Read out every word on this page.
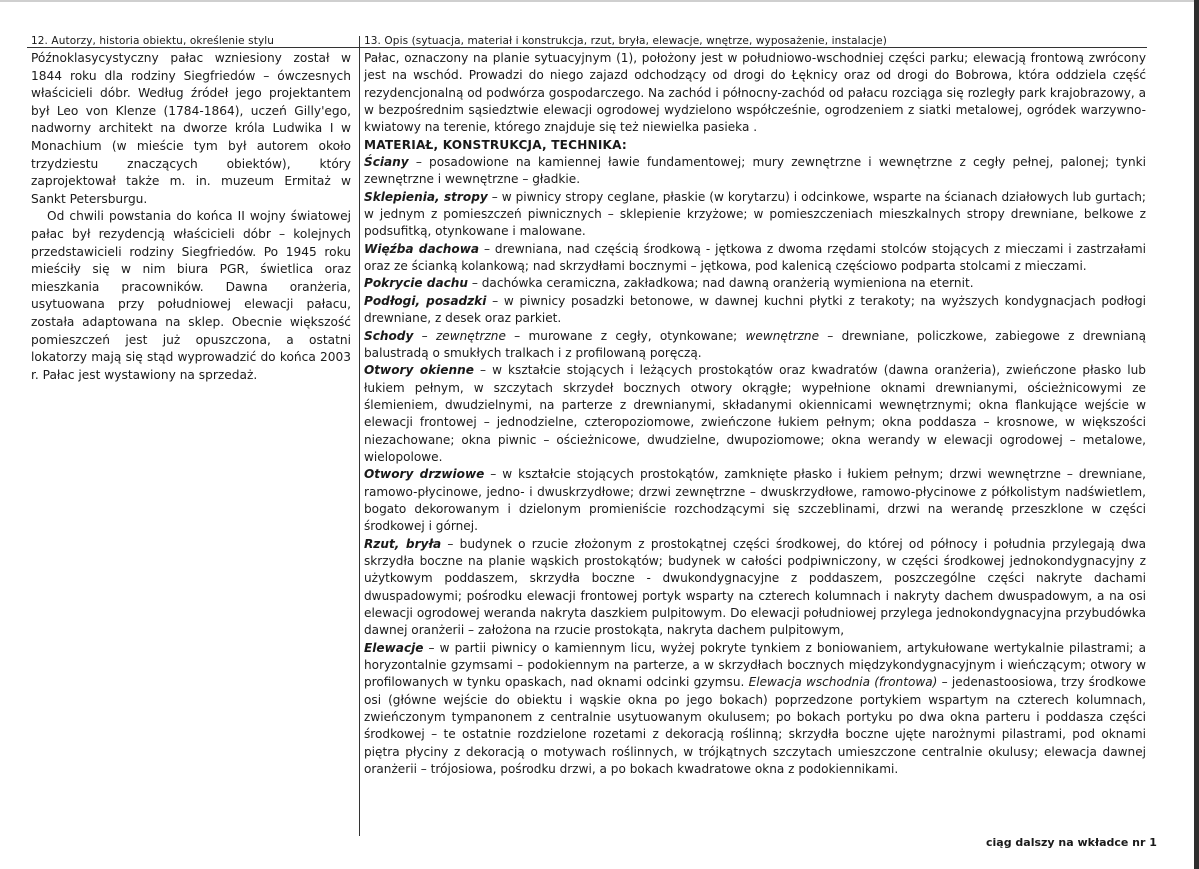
12. Autorzy, historia obiektu, określenie stylu	13. Opis (sytuacja, materiał i konstrukcja, rzut, bryła, elewacje, wnętrze, wyposażenie, instalacje)

Późnoklasycystyczny pałac wzniesiony został w 1844 roku dla rodziny Siegfriedów – ówczesnych właścicieli dóbr. Według źródeł jego projektantem był Leo von Klenze (1784-1864), uczeń Gilly'ego, nadworny architekt na dworze króla Ludwika I w Monachium (w mieście tym był autorem około trzydziestu znaczących obiektów), który zaprojektował także m. in. muzeum Ermitaż w Sankt Petersburgu.

Od chwili powstania do końca II wojny światowej pałac był rezydencją właścicieli dóbr – kolejnych przedstawicieli rodziny Siegfriedów. Po 1945 roku mieściły się w nim biura PGR, świetlica oraz mieszkania pracowników. Dawna oranżeria, usytuowana przy południowej elewacji pałacu, została adaptowana na sklep. Obecnie większość pomieszczeń jest już opuszczona, a ostatni lokatorzy mają się stąd wyprowadzić do końca 2003 r. Pałac jest wystawiony na sprzedaż.

Pałac, oznaczony na planie sytuacyjnym (1), położony jest w południowo-wschodniej części parku; elewacją frontową zwrócony jest na wschód. Prowadzi do niego zajazd odchodzący od drogi do Łęknicy oraz od drogi do Bobrowa, która oddziela część rezydencjonalną od podwórza gospodarczego. Na zachód i północny-zachód od pałacu rozciąga się rozległy park krajobrazowy, a w bezpośrednim sąsiedztwie elewacji ogrodowej wydzielono współcześnie, ogrodzeniem z siatki metalowej, ogródek warzywno-kwiatowy na terenie, którego znajduje się też niewielka pasieka .

MATERIAŁ, KONSTRUKCJA, TECHNIKA:

Ściany – posadowione na kamiennej ławie fundamentowej; mury zewnętrzne i wewnętrzne z cegły pełnej, palonej; tynki zewnętrzne i wewnętrzne – gładkie.

Sklepienia, stropy – w piwnicy stropy ceglane, płaskie (w korytarzu) i odcinkowe, wsparte na ścianach działowych lub gurtach; w jednym z pomieszczeń piwnicznych – sklepienie krzyżowe; w pomieszczeniach mieszkalnych stropy drewniane, belkowe z podsufitką, otynkowane i malowane.

Więźba dachowa – drewniana, nad częścią środkową - jętkowa z dwoma rzędami stolców stojących z mieczami i zastrzałami oraz ze ścianką kolankową; nad skrzydłami bocznymi – jętkowa, pod kalenicą częściowo podparta stolcami z mieczami.

Pokrycie dachu – dachówka ceramiczna, zakładkowa; nad dawną oranżerią wymieniona na eternit.

Podłogi, posadzki – w piwnicy posadzki betonowe, w dawnej kuchni płytki z terakoty; na wyższych kondygnacjach podłogi drewniane, z desek oraz parkiet.

Schody – zewnętrzne – murowane z cegły, otynkowane; wewnętrzne – drewniane, policzkowe, zabiegowe z drewnianą balustradą o smukłych tralkach i z profilowaną poręczą.

Otwory okienne – w kształcie stojących i leżących prostokątów oraz kwadratów (dawna oranżeria), zwieńczone płasko lub łukiem pełnym, w szczytach skrzydeł bocznych otwory okrągłe; wypełnione oknami drewnianymi, ościeżnicowymi ze ślemieniem, dwudzielnymi, na parterze z drewnianymi, składanymi okiennicami wewnętrznymi; okna flankujące wejście w elewacji frontowej – jednodzielne, czteropoziomowe, zwieńczone łukiem pełnym; okna poddasza – krosnowe, w większości niezachowane; okna piwnic – ościeżnicowe, dwudzielne, dwupoziomowe; okna werandy w elewacji ogrodowej – metalowe, wielopolowe.

Otwory drzwiowe – w kształcie stojących prostokątów, zamknięte płasko i łukiem pełnym; drzwi wewnętrzne – drewniane, ramowo-płycinowe, jedno- i dwuskrzydłowe; drzwi zewnętrzne – dwuskrzydłowe, ramowo-płycinowe z półkolistym nadświetlem, bogato dekorowanym i dzielonym promieniście rozchodzącymi się szczeblinami, drzwi na werandę przeszklone w części środkowej i górnej.

Rzut, bryła – budynek o rzucie złożonym z prostokątnej części środkowej, do której od północy i południa przylegają dwa skrzydła boczne na planie wąskich prostokątów; budynek w całości podpiwniczony, w części środkowej jednokondygnacyjny z użytkowym poddaszem, skrzydła boczne - dwukondygnacyjne z poddaszem, poszczególne części nakryte dachami dwuspadowymi; pośrodku elewacji frontowej portyk wsparty na czterech kolumnach i nakryty dachem dwuspadowym, a na osi elewacji ogrodowej weranda nakryta daszkiem pulpitowym. Do elewacji południowej przylega jednokondygnacyjna przybudówka dawnej oranżerii – założona na rzucie prostokąta, nakryta dachem pulpitowym,

Elewacje – w partii piwnicy o kamiennym licu, wyżej pokryte tynkiem z boniowaniem, artykułowane wertykalnie pilastrami; a horyzontalnie gzymsami – podokiennym na parterze, a w skrzydłach bocznych międzykondygnacyjnym i wieńczącym; otwory w profilowanych w tynku opaskach, nad oknami odcinki gzymsu. Elewacja wschodnia (frontowa) – jedenastoosiowa, trzy środkowe osi (główne wejście do obiektu i wąskie okna po jego bokach) poprzedzone portykiem wspartym na czterech kolumnach, zwieńczonym tympanonem z centralnie usytuowanym okulusem; po bokach portyku po dwa okna parteru i poddasza części środkowej – te ostatnie rozdzielone rozetami z dekoracją roślinną; skrzydła boczne ujęte narożnymi pilastrami, pod oknami piętra płyciny z dekoracją o motywach roślinnych, w trójkątnych szczytach umieszczone centralnie okulusy; elewacja dawnej oranżerii – trójosiowa, pośrodku drzwi, a po bokach kwadratowe okna z podokiennikami.

ciąg dalszy na wkładce nr 1
